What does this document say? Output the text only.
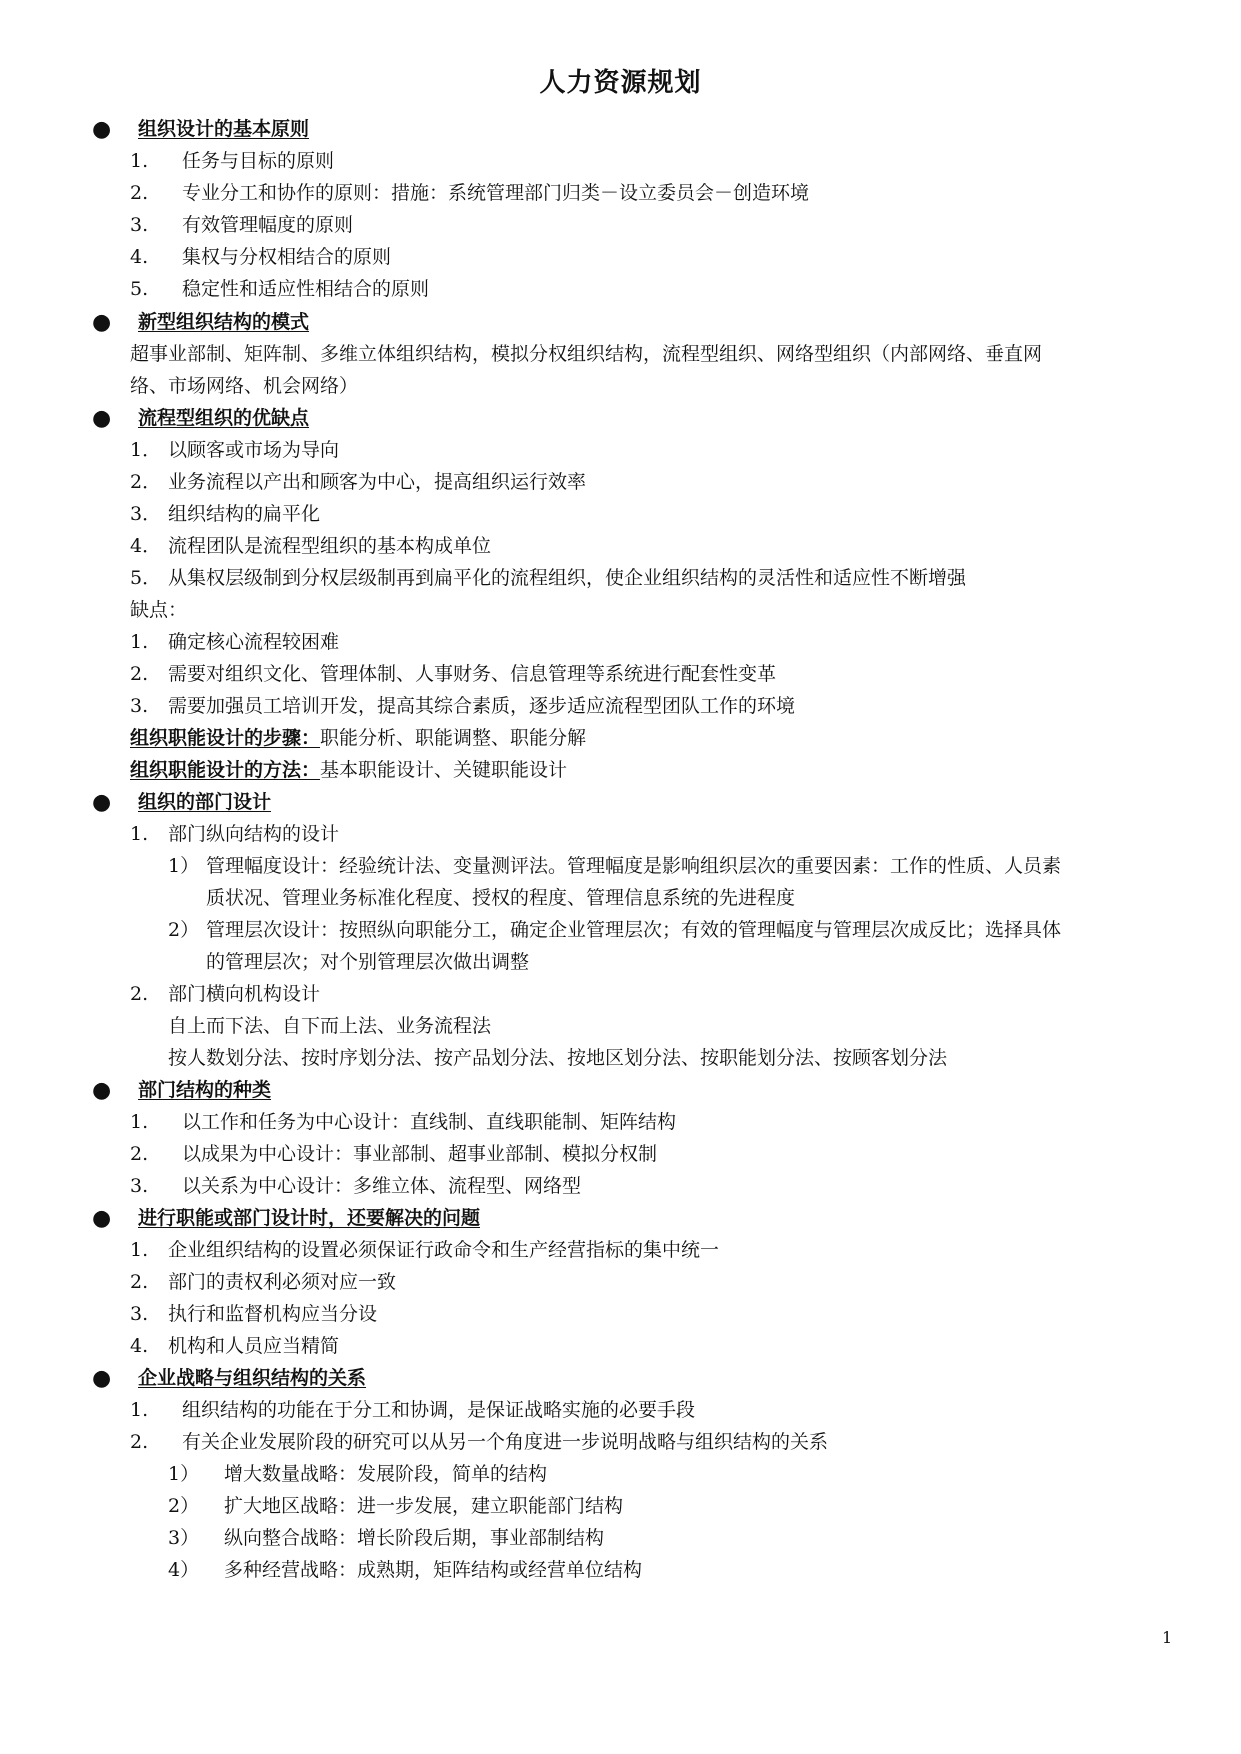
人力资源规划
● 组织设计的基本原则
1. 任务与目标的原则
2. 专业分工和协作的原则：措施：系统管理部门归类－设立委员会－创造环境
3. 有效管理幅度的原则
4. 集权与分权相结合的原则
5. 稳定性和适应性相结合的原则
● 新型组织结构的模式
超事业部制、矩阵制、多维立体组织结构，模拟分权组织结构，流程型组织、网络型组织（内部网络、垂直网
络、市场网络、机会网络）
● 流程型组织的优缺点
1． 以顾客或市场为导向
2． 业务流程以产出和顾客为中心，提高组织运行效率
3． 组织结构的扁平化
4． 流程团队是流程型组织的基本构成单位
5． 从集权层级制到分权层级制再到扁平化的流程组织，使企业组织结构的灵活性和适应性不断增强
缺点：
1. 确定核心流程较困难
2. 需要对组织文化、管理体制、人事财务、信息管理等系统进行配套性变革
3. 需要加强员工培训开发，提高其综合素质，逐步适应流程型团队工作的环境
组织职能设计的步骤：职能分析、职能调整、职能分解
组织职能设计的方法：基本职能设计、关键职能设计
● 组织的部门设计
1. 部门纵向结构的设计
1） 管理幅度设计：经验统计法、变量测评法。管理幅度是影响组织层次的重要因素：工作的性质、人员素
质状况、管理业务标准化程度、授权的程度、管理信息系统的先进程度
2） 管理层次设计：按照纵向职能分工，确定企业管理层次；有效的管理幅度与管理层次成反比；选择具体
的管理层次；对个别管理层次做出调整
2. 部门横向机构设计
自上而下法、自下而上法、业务流程法
按人数划分法、按时序划分法、按产品划分法、按地区划分法、按职能划分法、按顾客划分法
● 部门结构的种类
1. 以工作和任务为中心设计：直线制、直线职能制、矩阵结构
2. 以成果为中心设计：事业部制、超事业部制、模拟分权制
3. 以关系为中心设计：多维立体、流程型、网络型
● 进行职能或部门设计时，还要解决的问题
1. 企业组织结构的设置必须保证行政命令和生产经营指标的集中统一
2. 部门的责权利必须对应一致
3. 执行和监督机构应当分设
4. 机构和人员应当精简
● 企业战略与组织结构的关系
1. 组织结构的功能在于分工和协调，是保证战略实施的必要手段
2. 有关企业发展阶段的研究可以从另一个角度进一步说明战略与组织结构的关系
1） 增大数量战略：发展阶段，简单的结构
2） 扩大地区战略：进一步发展，建立职能部门结构
3） 纵向整合战略：增长阶段后期，事业部制结构
4） 多种经营战略：成熟期，矩阵结构或经营单位结构
1
